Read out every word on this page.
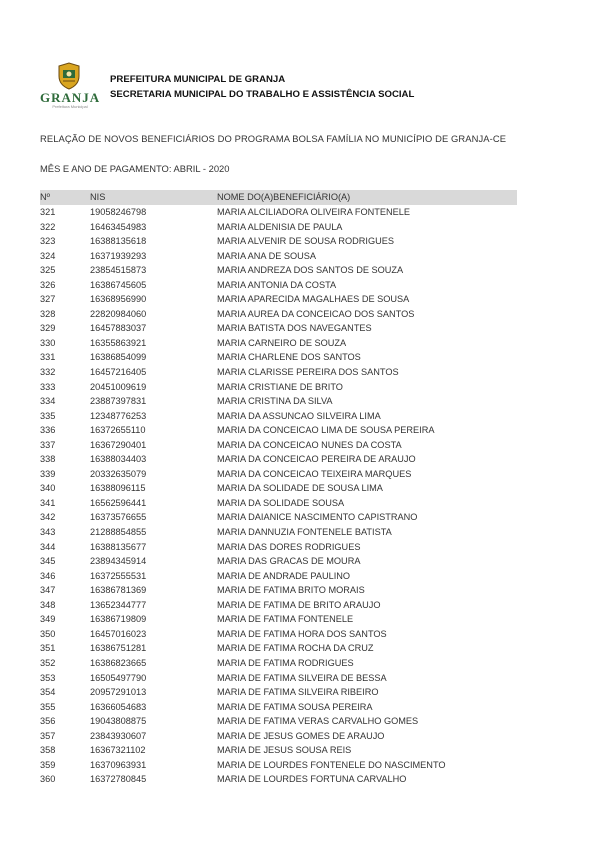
GRANJA
Prefeitura Municipal
PREFEITURA MUNICIPAL DE GRANJA
SECRETARIA MUNICIPAL DO TRABALHO E ASSISTÊNCIA SOCIAL
RELAÇÃO DE NOVOS BENEFICIÁRIOS DO PROGRAMA BOLSA FAMÍLIA NO MUNICÍPIO DE GRANJA-CE
MÊS E ANO DE PAGAMENTO: ABRIL - 2020
Nº	NIS	NOME DO(A)BENEFICIÁRIO(A)
321	19058246798	MARIA ALCILIADORA OLIVEIRA FONTENELE
322	16463454983	MARIA ALDENISIA DE PAULA
323	16388135618	MARIA ALVENIR DE SOUSA RODRIGUES
324	16371939293	MARIA ANA DE SOUSA
325	23854515873	MARIA ANDREZA DOS SANTOS DE SOUZA
326	16386745605	MARIA ANTONIA DA COSTA
327	16368956990	MARIA APARECIDA MAGALHAES DE SOUSA
328	22820984060	MARIA AUREA DA CONCEICAO DOS SANTOS
329	16457883037	MARIA BATISTA DOS NAVEGANTES
330	16355863921	MARIA CARNEIRO DE SOUZA
331	16386854099	MARIA CHARLENE DOS SANTOS
332	16457216405	MARIA CLARISSE PEREIRA DOS SANTOS
333	20451009619	MARIA CRISTIANE DE BRITO
334	23887397831	MARIA CRISTINA DA SILVA
335	12348776253	MARIA DA ASSUNCAO SILVEIRA LIMA
336	16372655110	MARIA DA CONCEICAO LIMA DE SOUSA PEREIRA
337	16367290401	MARIA DA CONCEICAO NUNES DA COSTA
338	16388034403	MARIA DA CONCEICAO PEREIRA DE ARAUJO
339	20332635079	MARIA DA CONCEICAO TEIXEIRA MARQUES
340	16388096115	MARIA DA SOLIDADE DE SOUSA LIMA
341	16562596441	MARIA DA SOLIDADE SOUSA
342	16373576655	MARIA DAIANICE NASCIMENTO CAPISTRANO
343	21288854855	MARIA DANNUZIA FONTENELE BATISTA
344	16388135677	MARIA DAS DORES RODRIGUES
345	23894345914	MARIA DAS GRACAS DE MOURA
346	16372555531	MARIA DE ANDRADE PAULINO
347	16386781369	MARIA DE FATIMA BRITO MORAIS
348	13652344777	MARIA DE FATIMA DE BRITO ARAUJO
349	16386719809	MARIA DE FATIMA FONTENELE
350	16457016023	MARIA DE FATIMA HORA DOS SANTOS
351	16386751281	MARIA DE FATIMA ROCHA DA CRUZ
352	16386823665	MARIA DE FATIMA RODRIGUES
353	16505497790	MARIA DE FATIMA SILVEIRA DE BESSA
354	20957291013	MARIA DE FATIMA SILVEIRA RIBEIRO
355	16366054683	MARIA DE FATIMA SOUSA PEREIRA
356	19043808875	MARIA DE FATIMA VERAS CARVALHO GOMES
357	23843930607	MARIA DE JESUS GOMES DE ARAUJO
358	16367321102	MARIA DE JESUS SOUSA REIS
359	16370963931	MARIA DE LOURDES FONTENELE DO NASCIMENTO
360	16372780845	MARIA DE LOURDES FORTUNA CARVALHO
